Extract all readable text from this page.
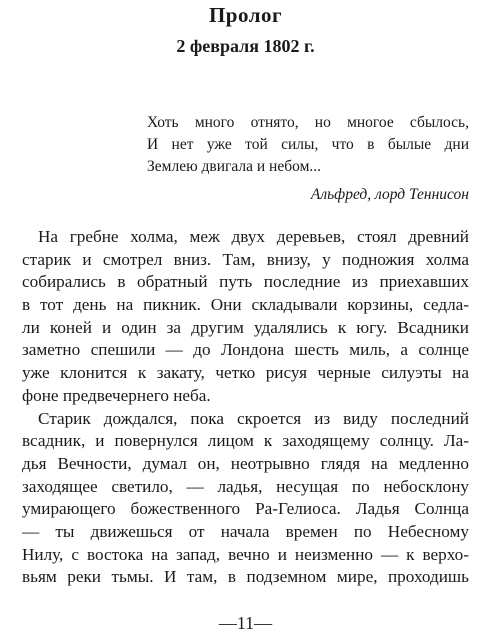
Пролог
2 февраля 1802 г.
Хоть много отнято, но многое сбылось,
И нет уже той силы, что в былые дни
Землею двигала и небом...
Альфред, лорд Теннисон
На гребне холма, меж двух деревьев, стоял древний
старик и смотрел вниз. Там, внизу, у подножия холма
собирались в обратный путь последние из приехавших
в тот день на пикник. Они складывали корзины, седла-
ли коней и один за другим удалялись к югу. Всадники
заметно спешили — до Лондона шесть миль, а солнце
уже клонится к закату, четко рисуя черные силуэты на
фоне предвечернего неба.
Старик дождался, пока скроется из виду последний
всадник, и повернулся лицом к заходящему солнцу. Ла-
дья Вечности, думал он, неотрывно глядя на медленно
заходящее светило, — ладья, несущая по небосклону
умирающего божественного Ра-Гелиоса. Ладья Солнца
— ты движешься от начала времен по Небесному
Нилу, с востока на запад, вечно и неизменно — к верхо-
вьям реки тьмы. И там, в подземном мире, проходишь
—11—
